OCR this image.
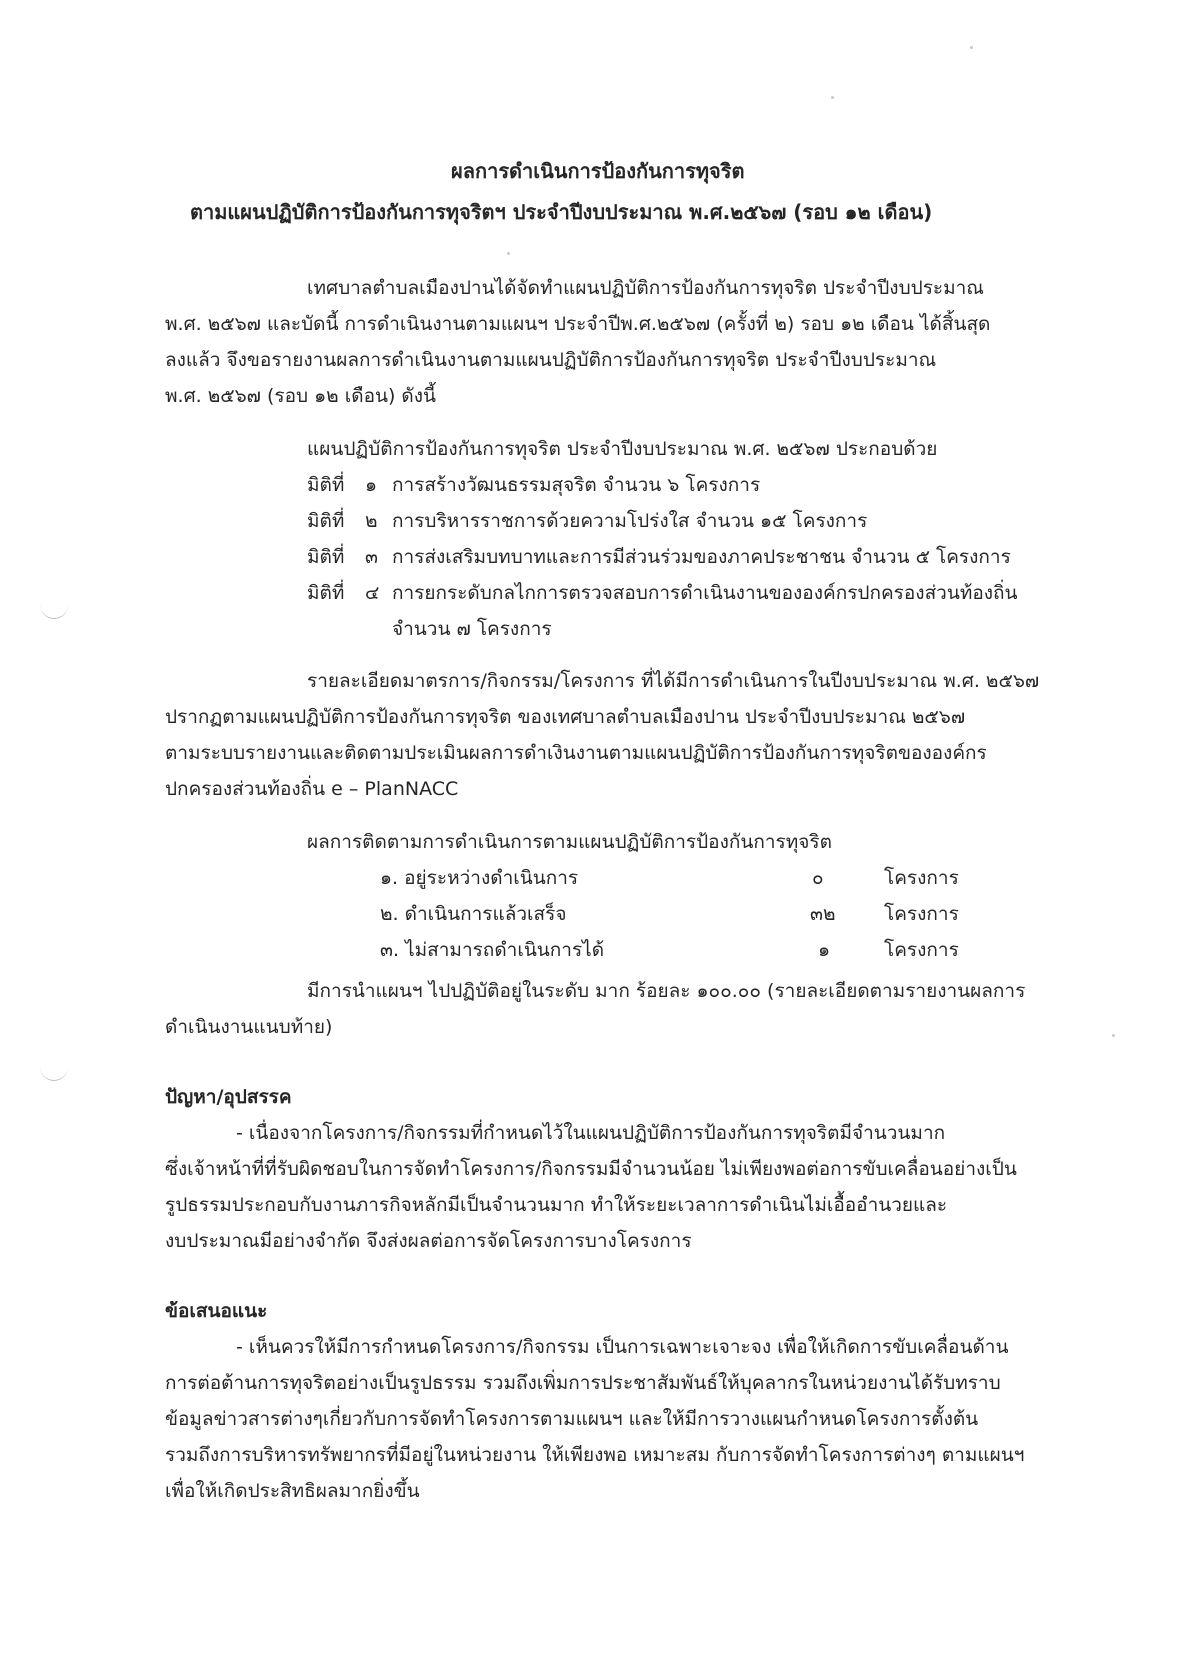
ผลการดำเนินการป้องกันการทุจริต
ตามแผนปฏิบัติการป้องกันการทุจริตฯ ประจำปีงบประมาณ พ.ศ.๒๕๖๗ (รอบ ๑๒ เดือน)
เทศบาลตำบลเมืองปานได้จัดทำแผนปฏิบัติการป้องกันการทุจริต ประจำปีงบประมาณ
พ.ศ. ๒๕๖๗ และบัดนี้ การดำเนินงานตามแผนฯ ประจำปีพ.ศ.๒๕๖๗ (ครั้งที่ ๒) รอบ ๑๒ เดือน ได้สิ้นสุด
ลงแล้ว จึงขอรายงานผลการดำเนินงานตามแผนปฏิบัติการป้องกันการทุจริต ประจำปีงบประมาณ
พ.ศ. ๒๕๖๗ (รอบ ๑๒ เดือน) ดังนี้
แผนปฏิบัติการป้องกันการทุจริต ประจำปีงบประมาณ พ.ศ. ๒๕๖๗ ประกอบด้วย
มิติที่ ๑ การสร้างวัฒนธรรมสุจริต จำนวน ๖ โครงการ
มิติที่ ๒ การบริหารราชการด้วยความโปร่งใส จำนวน ๑๕ โครงการ
มิติที่ ๓ การส่งเสริมบทบาทและการมีส่วนร่วมของภาคประชาชน จำนวน ๕ โครงการ
มิติที่ ๔ การยกระดับกลไกการตรวจสอบการดำเนินงานขององค์กรปกครองส่วนท้องถิ่น
จำนวน ๗ โครงการ
รายละเอียดมาตรการ/กิจกรรม/โครงการ ที่ได้มีการดำเนินการในปีงบประมาณ พ.ศ. ๒๕๖๗
ปรากฏตามแผนปฏิบัติการป้องกันการทุจริต ของเทศบาลตำบลเมืองปาน ประจำปีงบประมาณ ๒๕๖๗
ตามระบบรายงานและติดตามประเมินผลการดำเงินงานตามแผนปฏิบัติการป้องกันการทุจริตขององค์กร
ปกครองส่วนท้องถิ่น e – PlanNACC
ผลการติดตามการดำเนินการตามแผนปฏิบัติการป้องกันการทุจริต
๑. อยู่ระหว่างดำเนินการ	๐	โครงการ
๒. ดำเนินการแล้วเสร็จ	๓๒	โครงการ
๓. ไม่สามารถดำเนินการได้	๑	โครงการ
มีการนำแผนฯ ไปปฏิบัติอยู่ในระดับ มาก ร้อยละ ๑๐๐.๐๐ (รายละเอียดตามรายงานผลการ
ดำเนินงานแนบท้าย)
ปัญหา/อุปสรรค
- เนื่องจากโครงการ/กิจกรรมที่กำหนดไว้ในแผนปฏิบัติการป้องกันการทุจริตมีจำนวนมาก
ซึ่งเจ้าหน้าที่ที่รับผิดชอบในการจัดทำโครงการ/กิจกรรมมีจำนวนน้อย ไม่เพียงพอต่อการขับเคลื่อนอย่างเป็น
รูปธรรมประกอบกับงานภารกิจหลักมีเป็นจำนวนมาก ทำให้ระยะเวลาการดำเนินไม่เอื้ออำนวยและ
งบประมาณมีอย่างจำกัด จึงส่งผลต่อการจัดโครงการบางโครงการ
ข้อเสนอแนะ
- เห็นควรให้มีการกำหนดโครงการ/กิจกรรม เป็นการเฉพาะเจาะจง เพื่อให้เกิดการขับเคลื่อนด้าน
การต่อต้านการทุจริตอย่างเป็นรูปธรรม รวมถึงเพิ่มการประชาสัมพันธ์ให้บุคลากรในหน่วยงานได้รับทราบ
ข้อมูลข่าวสารต่างๆเกี่ยวกับการจัดทำโครงการตามแผนฯ และให้มีการวางแผนกำหนดโครงการตั้งต้น
รวมถึงการบริหารทรัพยากรที่มีอยู่ในหน่วยงาน ให้เพียงพอ เหมาะสม กับการจัดทำโครงการต่างๆ ตามแผนฯ
เพื่อให้เกิดประสิทธิผลมากยิ่งขึ้น
